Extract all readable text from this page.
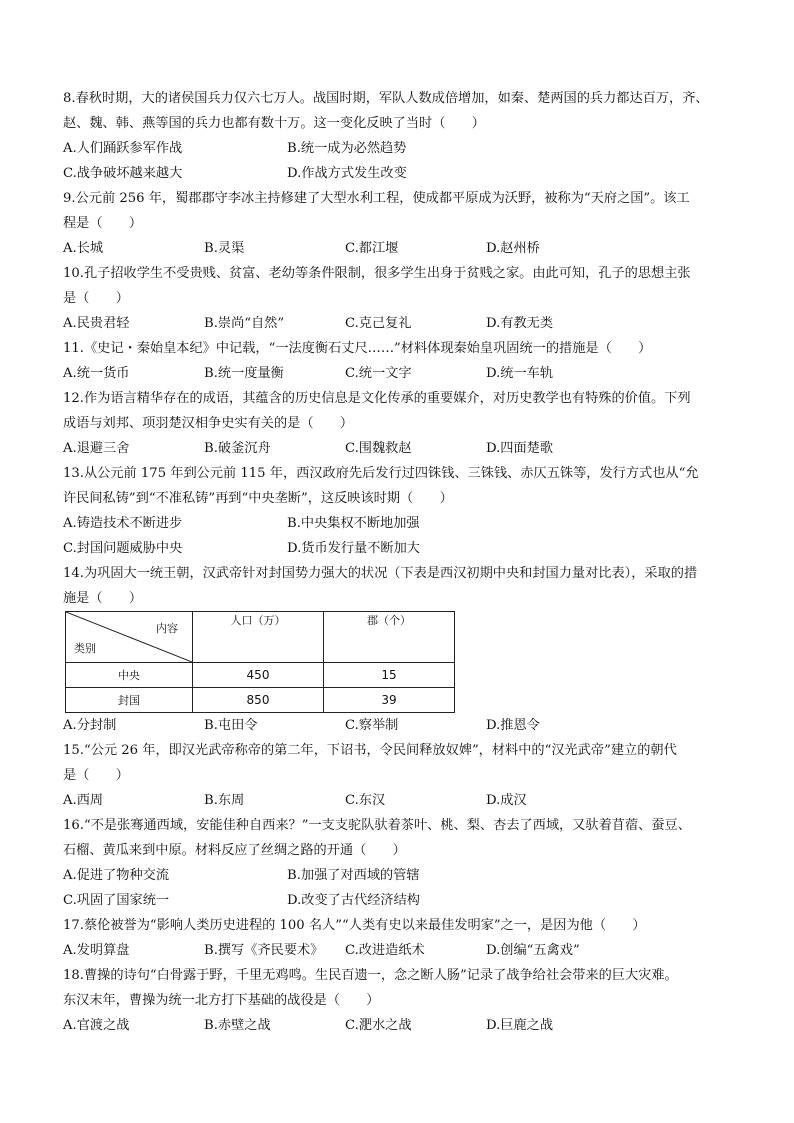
8.春秋时期，大的诸侯国兵力仅六七万人。战国时期，军队人数成倍增加，如秦、楚两国的兵力都达百万，齐、
赵、魏、韩、燕等国的兵力也都有数十万。这一变化反映了当时（　　）
A.人们踊跃参军作战	B.统一成为必然趋势
C.战争破坏越来越大	D.作战方式发生改变
9.公元前 256 年，蜀郡郡守李冰主持修建了大型水利工程，使成都平原成为沃野，被称为“天府之国”。该工
程是（　　）
A.长城	B.灵渠	C.都江堰	D.赵州桥
10.孔子招收学生不受贵贱、贫富、老幼等条件限制，很多学生出身于贫贱之家。由此可知，孔子的思想主张
是（　　）
A.民贵君轻	B.崇尚“自然”	C.克己复礼	D.有教无类
11.《史记・秦始皇本纪》中记载，“一法度衡石丈尺……”材料体现秦始皇巩固统一的措施是（　　）
A.统一货币	B.统一度量衡	C.统一文字	D.统一车轨
12.作为语言精华存在的成语，其蕴含的历史信息是文化传承的重要媒介，对历史教学也有特殊的价值。下列
成语与刘邦、项羽楚汉相争史实有关的是（　　）
A.退避三舍	B.破釜沉舟	C.围魏救赵	D.四面楚歌
13.从公元前 175 年到公元前 115 年，西汉政府先后发行过四铢钱、三铢钱、赤仄五铢等，发行方式也从“允
许民间私铸”到“不准私铸”再到“中央垄断”，这反映该时期（　　）
A.铸造技术不断进步	B.中央集权不断地加强
C.封国问题威胁中央	D.货币发行量不断加大
14.为巩固大一统王朝，汉武帝针对封国势力强大的状况（下表是西汉初期中央和封国力量对比表），采取的措
施是（　　）
内容
类别	人口（万）	郡（个）
中央	450	15
封国	850	39
A.分封制	B.屯田令	C.察举制	D.推恩令
15.“公元 26 年，即汉光武帝称帝的第二年，下诏书，令民间释放奴婢”，材料中的“汉光武帝”建立的朝代
是（　　）
A.西周	B.东周	C.东汉	D.成汉
16.“不是张骞通西域，安能佳种自西来？”一支支驼队驮着茶叶、桃、梨、杏去了西域，又驮着苜蓿、蚕豆、
石榴、黄瓜来到中原。材料反应了丝绸之路的开通（　　）
A.促进了物种交流	B.加强了对西域的管辖
C.巩固了国家统一	D.改变了古代经济结构
17.蔡伦被誉为“影响人类历史进程的 100 名人”“人类有史以来最佳发明家”之一，是因为他（　　）
A.发明算盘	B.撰写《齐民要术》	C.改进造纸术	D.创编“五禽戏”
18.曹操的诗句“白骨露于野，千里无鸡鸣。生民百遗一，念之断人肠”记录了战争给社会带来的巨大灾难。
东汉末年，曹操为统一北方打下基础的战役是（　　）
A.官渡之战	B.赤壁之战	C.淝水之战	D.巨鹿之战
